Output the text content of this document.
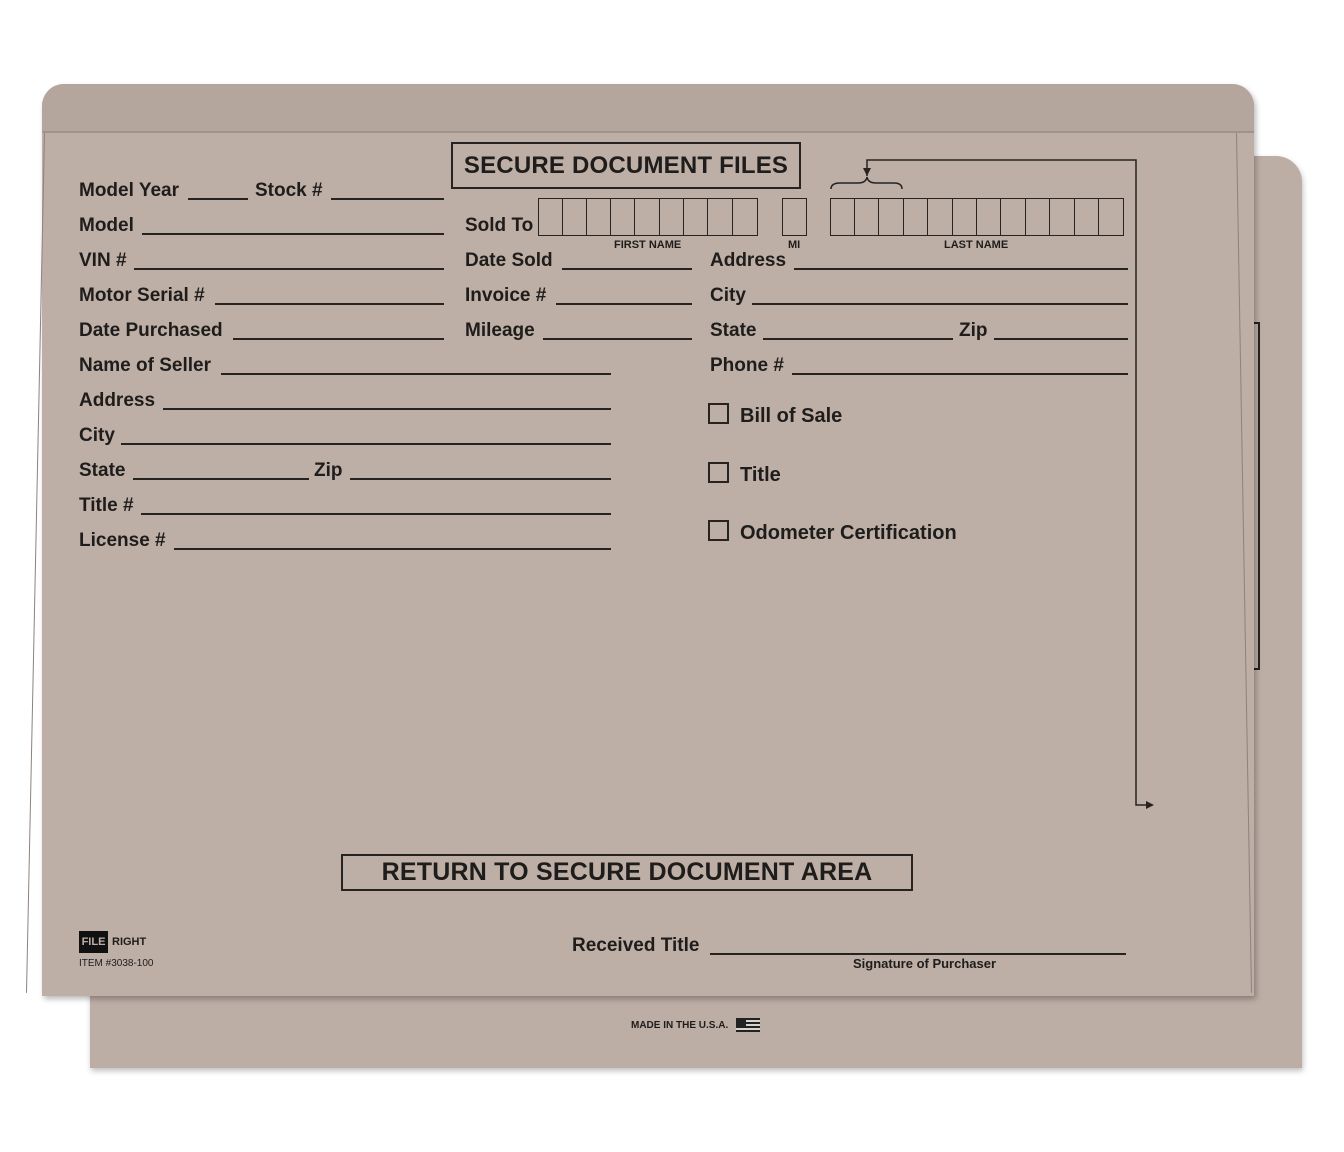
MADE IN THE U.S.A.
SECURE DOCUMENT FILES
Model Year	Stock #
Model
VIN #
Motor Serial #
Date Purchased
Name of Seller
Address
City
State	Zip
Title #
License #
Sold To
FIRST NAME	MI	LAST NAME
Date Sold
Invoice #
Mileage
Address
City
State	Zip
Phone #
Bill of Sale
Title
Odometer Certification
RETURN TO SECURE DOCUMENT AREA
Received Title
Signature of Purchaser
FILE RIGHT
ITEM #3038-100
